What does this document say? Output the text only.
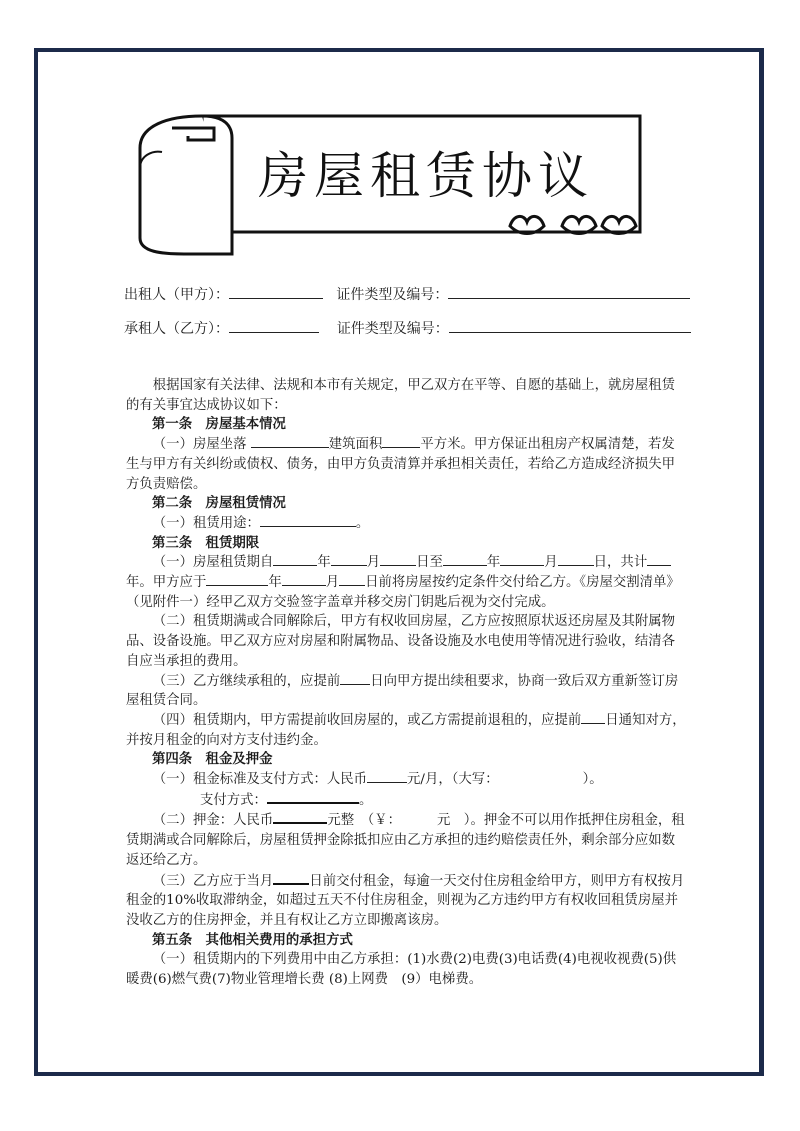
房屋租赁协议
出租人（甲方）：	证件类型及编号：
承租人（乙方）：	证件类型及编号：

根据国家有关法律、法规和本市有关规定，甲乙双方在平等、自愿的基础上，就房屋租赁的有关事宜达成协议如下：

第一条　房屋基本情况

（一）房屋坐落	建筑面积	平方米。甲方保证出租房产权属清楚，若发生与甲方有关纠纷或债权、债务，由甲方负责清算并承担相关责任，若给乙方造成经济损失甲方负责赔偿。

第二条　房屋租赁情况

（一）租赁用途：	。

第三条　租赁期限

（一）房屋租赁期自	年	月	日至	年	月	日，共计年。甲方应于	年	月 日前将房屋按约定条件交付给乙方。《房屋交割清单》（见附件一）经甲乙双方交验签字盖章并移交房门钥匙后视为交付完成。

（二）租赁期满或合同解除后，甲方有权收回房屋，乙方应按照原状返还房屋及其附属物品、设备设施。甲乙双方应对房屋和附属物品、设备设施及水电使用等情况进行验收，结清各自应当承担的费用。

（三）乙方继续承租的，应提前 日向甲方提出续租要求，协商一致后双方重新签订房屋租赁合同。

（四）租赁期内，甲方需提前收回房屋的，或乙方需提前退租的，应提前 日通知对方，并按月租金的向对方支付违约金。

第四条　租金及押金

（一）租金标准及支付方式：人民币	元/月，（大写：	）。

支付方式：	。

（二）押金：人民币	元整　（￥：	元　）。押金不可以用作抵押住房租金，租赁期满或合同解除后，房屋租赁押金除抵扣应由乙方承担的违约赔偿责任外，剩余部分应如数返还给乙方。

（三）乙方应于当月	日前交付租金，每逾一天交付住房租金给甲方，则甲方有权按月租金的10%收取滞纳金，如超过五天不付住房租金，则视为乙方违约甲方有权收回租赁房屋并没收乙方的住房押金，并且有权让乙方立即搬离该房。

第五条　其他相关费用的承担方式

（一）租赁期内的下列费用中由乙方承担：(1)水费(2)电费(3)电话费(4)电视收视费(5)供暖费(6)燃气费(7)物业管理增长费 (8)上网费　(9）电梯费。
